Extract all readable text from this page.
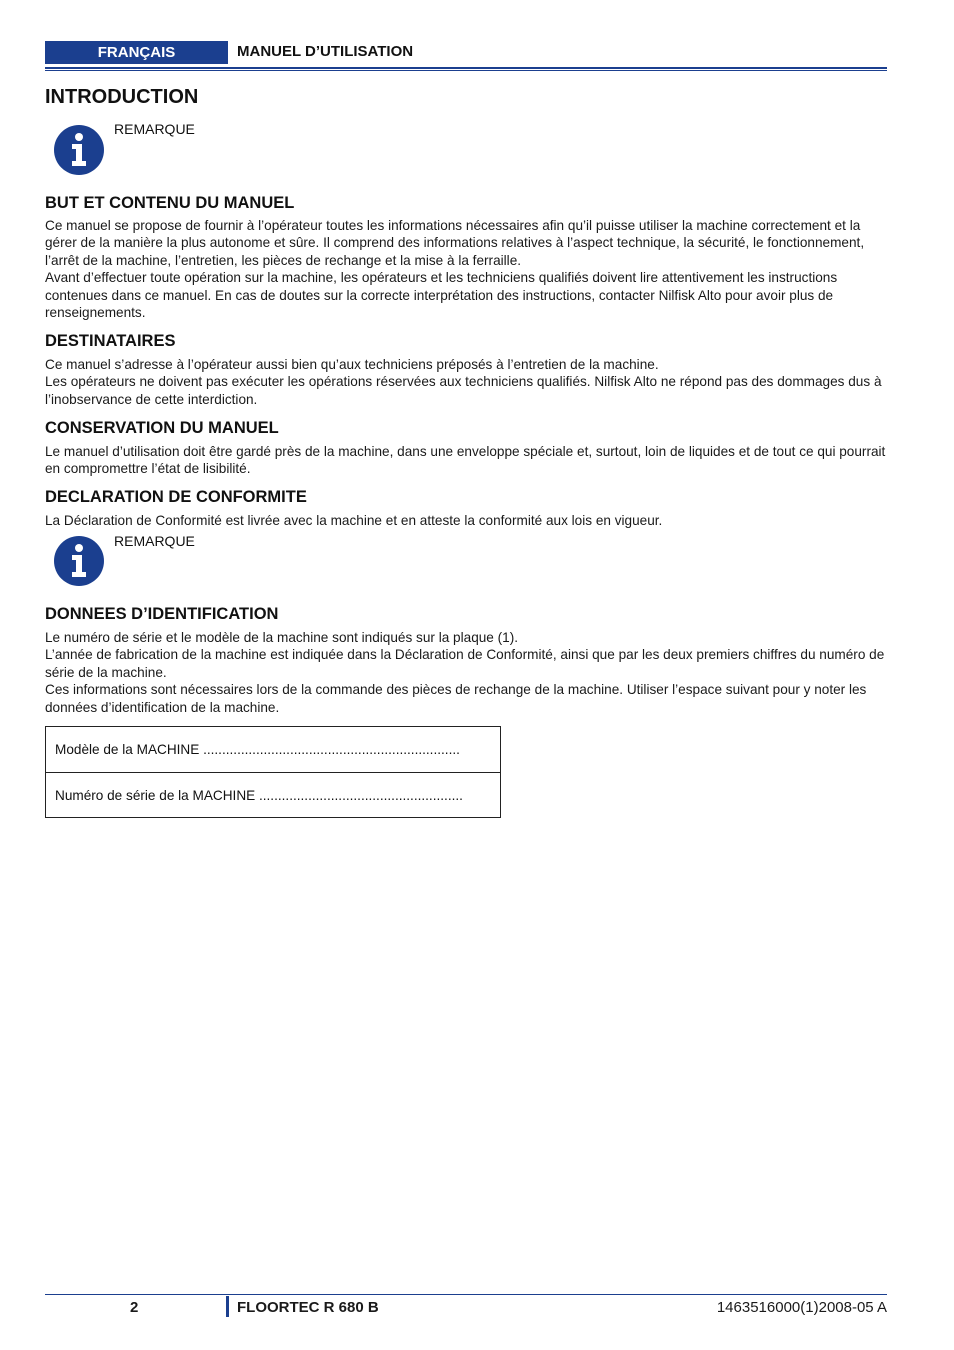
FRANÇAIS	MANUEL D’UTILISATION
INTRODUCTION
REMARQUE
BUT ET CONTENU DU MANUEL

Ce manuel se propose de fournir à l’opérateur toutes les informations nécessaires afin qu’il puisse utiliser la machine correctement et la gérer de la manière la plus autonome et sûre. Il comprend des informations relatives à l’aspect technique, la sécurité, le fonctionnement, l’arrêt de la machine, l’entretien, les pièces de rechange et la mise à la ferraille.

Avant d’effectuer toute opération sur la machine, les opérateurs et les techniciens qualifiés doivent lire attentivement les instructions contenues dans ce manuel. En cas de doutes sur la correcte interprétation des instructions, contacter Nilfisk Alto pour avoir plus de renseignements.

DESTINATAIRES

Ce manuel s’adresse à l’opérateur aussi bien qu’aux techniciens préposés à l’entretien de la machine.

Les opérateurs ne doivent pas exécuter les opérations réservées aux techniciens qualifiés. Nilfisk Alto ne répond pas des dommages dus à l’inobservance de cette interdiction.

CONSERVATION DU MANUEL

Le manuel d’utilisation doit être gardé près de la machine, dans une enveloppe spéciale et, surtout, loin de liquides et de tout ce qui pourrait en compromettre l’état de lisibilité.

DECLARATION DE CONFORMITE

La Déclaration de Conformité est livrée avec la machine et en atteste la conformité aux lois en vigueur.

REMARQUE
DONNEES D’IDENTIFICATION

Le numéro de série et le modèle de la machine sont indiqués sur la plaque (1).

L’année de fabrication de la machine est indiquée dans la Déclaration de Conformité, ainsi que par les deux premiers chiffres du numéro de série de la machine.

Ces informations sont nécessaires lors de la commande des pièces de rechange de la machine. Utiliser l’espace suivant pour y noter les données d’identification de la machine.

Modèle de la MACHINE ....................................................................
Numéro de série de la MACHINE ......................................................
2	FLOORTEC R 680 B	1463516000(1)2008-05 A
